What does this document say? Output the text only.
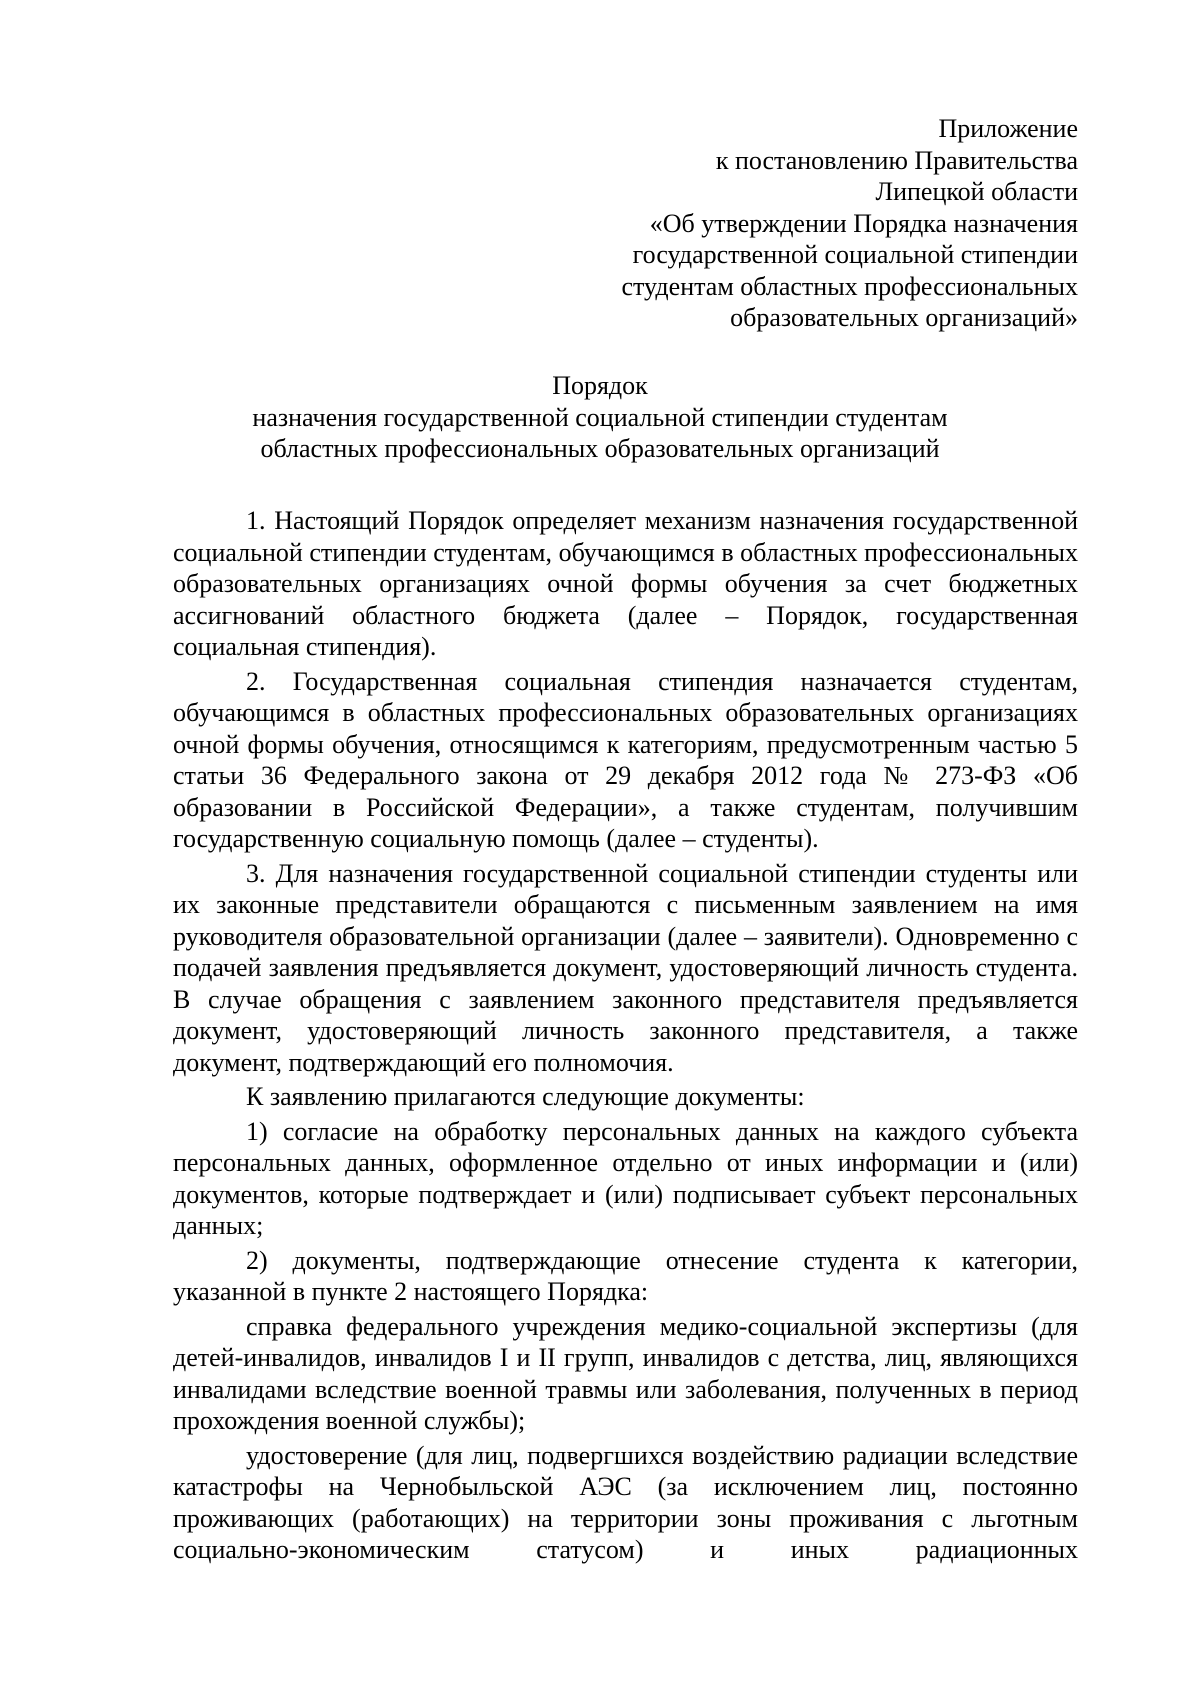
Приложение
к постановлению Правительства
Липецкой области
«Об утверждении Порядка назначения
государственной социальной стипендии
студентам областных профессиональных
образовательных организаций»
Порядок
назначения государственной социальной стипендии студентам
областных профессиональных образовательных организаций

1. Настоящий Порядок определяет механизм назначения государственной социальной стипендии студентам, обучающимся в областных профессиональных образовательных организациях очной формы обучения за счет бюджетных ассигнований областного бюджета (далее – Порядок, государственная социальная стипендия).

2. Государственная социальная стипендия назначается студентам, обучающимся в областных профессиональных образовательных организациях очной формы обучения, относящимся к категориям, предусмотренным частью 5 статьи 36 Федерального закона от 29 декабря 2012 года № 273-ФЗ «Об образовании в Российской Федерации», а также студентам, получившим государственную социальную помощь (далее – студенты).

3. Для назначения государственной социальной стипендии студенты или их законные представители обращаются с письменным заявлением на имя руководителя образовательной организации (далее – заявители). Одновременно с подачей заявления предъявляется документ, удостоверяющий личность студента. В случае обращения с заявлением законного представителя предъявляется документ, удостоверяющий личность законного представителя, а также документ, подтверждающий его полномочия.

К заявлению прилагаются следующие документы:

1) согласие на обработку персональных данных на каждого субъекта персональных данных, оформленное отдельно от иных информации и (или) документов, которые подтверждает и (или) подписывает субъект персональных данных;

2) документы, подтверждающие отнесение студента к категории, указанной в пункте 2 настоящего Порядка:

справка федерального учреждения медико-социальной экспертизы (для детей-инвалидов, инвалидов I и II групп, инвалидов с детства, лиц, являющихся инвалидами вследствие военной травмы или заболевания, полученных в период прохождения военной службы);

удостоверение (для лиц, подвергшихся воздействию радиации вследствие катастрофы на Чернобыльской АЭС (за исключением лиц, постоянно проживающих (работающих) на территории зоны проживания с льготным социально-экономическим статусом) и иных радиационных
